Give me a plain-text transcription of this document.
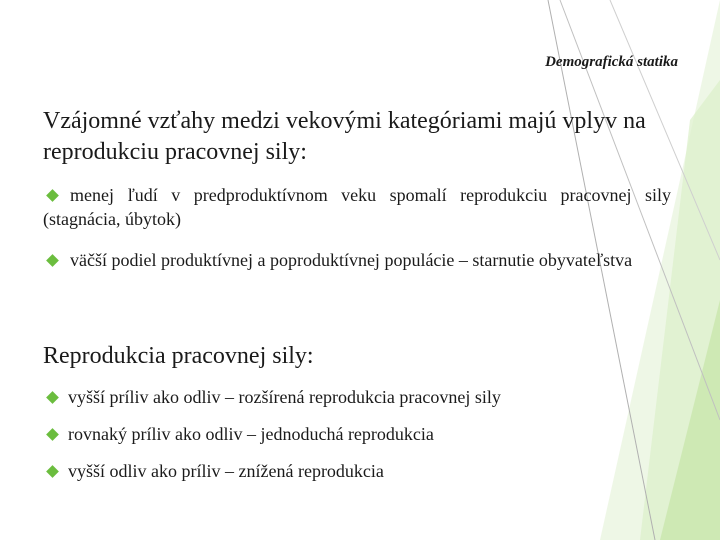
Demografická statika
Vzájomné vzťahy medzi vekovými kategóriami majú vplyv na reprodukciu pracovnej sily:
menej ľudí v predproduktívnom veku spomalí reprodukciu pracovnej sily (stagnácia, úbytok)
väčší podiel produktívnej a poproduktívnej populácie – starnutie obyvateľstva
Reprodukcia pracovnej sily:
vyšší príliv ako odliv – rozšírená reprodukcia pracovnej sily
rovnaký príliv ako odliv – jednoduchá reprodukcia
vyšší odliv ako príliv – znížená reprodukcia
